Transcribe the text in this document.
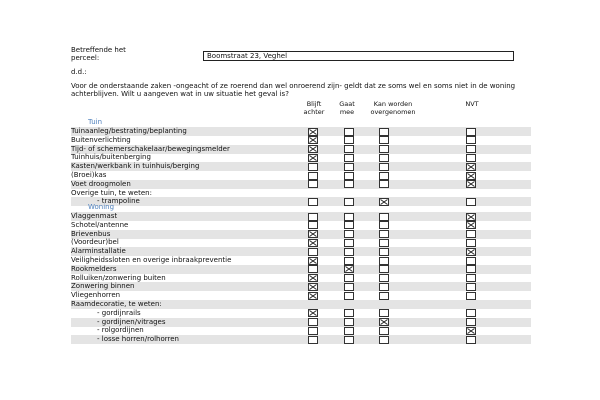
Betreffende het
perceel:	Boomstraat 23, Veghel
d.d.:
Voor de onderstaande zaken -ongeacht of ze roerend dan wel onroerend zijn- geldt dat ze soms wel en soms niet in de woning achterblijven. Wilt u aangeven wat in uw situatie het geval is?
Blijft
achter
Gaat
mee
Kan worden
overgenomen
NVT
Tuin
Tuinaanleg/bestrating/beplanting
Buitenverlichting
Tijd- of schemerschakelaar/bewegingsmelder
Tuinhuis/buitenberging
Kasten/werkbank in tuinhuis/berging
(Broei)kas
Voet droogmolen
Overige tuin, te weten:
- trampoline
Woning
Vlaggenmast
Schotel/antenne
Brievenbus
(Voordeur)bel
Alarminstallatie
Veiligheidssloten en overige inbraakpreventie
Rookmelders
Rolluiken/zonwering buiten
Zonwering binnen
Vliegenhorren
Raamdecoratie, te weten:
- gordijnrails
- gordijnen/vitrages
- rolgordijnen
- losse horren/rolhorren
